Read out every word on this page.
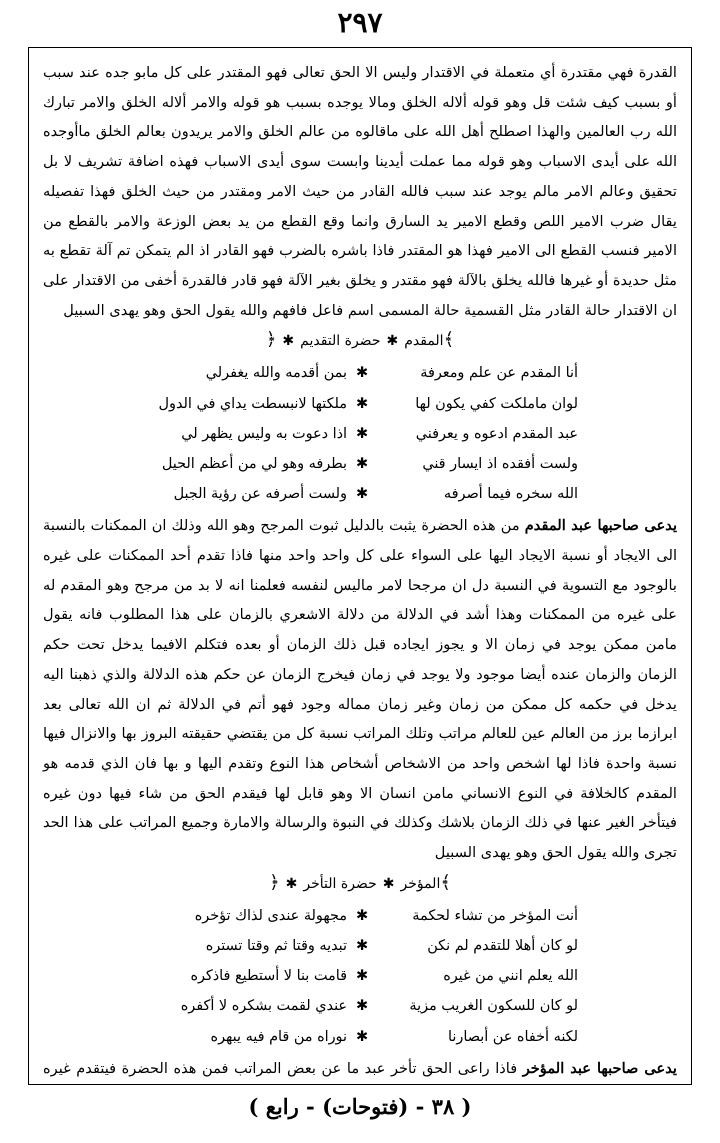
٢٩٧

القدرة فهي مقتدرة أي متعملة في الاقتدار وليس الا الحق تعالى فهو المقتدر على كل مابو جده عند سبب أو بسبب كيف شئت قل وهو قوله ألاله الخلق ومالا يوجده بسبب هو قوله والامر ألاله الخلق والامر تبارك الله رب العالمين والهذا اصطلح أهل الله على ماقالوه من عالم الخلق والامر يريدون بعالم الخلق ماأوجده الله على أيدى الاسباب وهو قوله مما عملت أيدينا وابست سوى أيدى الاسباب فهذه اضافة تشريف لا بل تحقيق وعالم الامر مالم يوجد عند سبب فالله القادر من حيث الامر ومقتدر من حيث الخلق فهذا تفصيله يقال ضرب الامير اللص وقطع الامير يد السارق وانما وقع القطع من يد بعض الوزعة والامر بالقطع من الامير فنسب القطع الى الامير فهذا هو المقتدر فاذا باشره بالضرب فهو القادر اذ الم يتمكن تم آلة تقطع به مثل حديدة أو غيرها فالله يخلق بالآلة فهو مقتدر و يخلق بغير الآلة فهو قادر فالقدرة أخفى من الاقتدار على ان الاقتدار حالة القادر مثل القسمية حالة المسمى اسم فاعل فافهم والله يقول الحق وهو يهدى السبيل

﴾المقدم✱حضرة التقديم✱﴿
أنا المقدم عن علم ومعرفة
✱
بمن أقدمه والله يغفرلي
لوان ماملكت كفي يكون لها
✱
ملكتها لانبسطت يداي في الدول
عبد المقدم ادعوه و يعرفني
✱
اذا دعوت به وليس يظهر لي
ولست أفقده اذ ايسار قني
✱
بطرفه وهو لي من أعظم الحيل
الله سخره فيما أصرفه
✱
ولست أصرفه عن رؤية الجبل

يدعى صاحبها عبد المقدم من هذه الحضرة يثبت بالدليل ثبوت المرجح وهو الله وذلك ان الممكنات بالنسبة الى الايجاد أو نسبة الايجاد اليها على السواء على كل واحد واحد منها فاذا تقدم أحد الممكنات على غيره بالوجود مع التسوية في النسبة دل ان مرجحا لامر ماليس لنفسه فعلمنا انه لا بد من مرجح وهو المقدم له على غيره من الممكنات وهذا أشد في الدلالة من دلالة الاشعري بالزمان على هذا المطلوب فانه يقول مامن ممكن يوجد في زمان الا و يجوز ايجاده قبل ذلك الزمان أو بعده فتكلم الافيما يدخل تحت حكم الزمان والزمان عنده أيضا موجود ولا يوجد في زمان فيخرج الزمان عن حكم هذه الدلالة والذي ذهبنا اليه يدخل في حكمه كل ممكن من زمان وغير زمان مماله وجود فهو أتم في الدلالة ثم ان الله تعالى بعد ابرازما برز من العالم عين للعالم مراتب وتلك المراتب نسبة كل من يقتضي حقيقته البروز بها والانزال فيها نسبة واحدة فاذا لها اشخص واحد من الاشخاص أشخاص هذا النوع وتقدم اليها و بها فان الذي قدمه هو المقدم كالخلافة في النوع الانساني مامن انسان الا وهو قابل لها فيقدم الحق من شاء فيها دون غيره فيتأخر الغير عنها في ذلك الزمان بلاشك وكذلك في النبوة والرسالة والامارة وجميع المراتب على هذا الحد تجرى والله يقول الحق وهو يهدى السبيل

﴾المؤخر✱حضرة التأخر✱﴿
أنت المؤخر من تشاء لحكمة
✱
مجهولة عندى لذاك تؤخره
لو كان أهلا للتقدم لم نكن
✱
تبديه وقتا ثم وقتا تستره
الله يعلم انني من غيره
✱
قامت بنا لا أستطيع فاذكره
لو كان للسكون الغريب مزية
✱
عندي لقمت بشكره لا أكفره
لكنه أخفاه عن أبصارنا
✱
نوراه من قام فيه يبهره

يدعى صاحبها عبد المؤخر فاذا راعى الحق تأخر عبد ما عن بعض المراتب فمن هذه الحضرة فيتقدم غيره

( ٣٨ - (فتوحات) - رابع )
